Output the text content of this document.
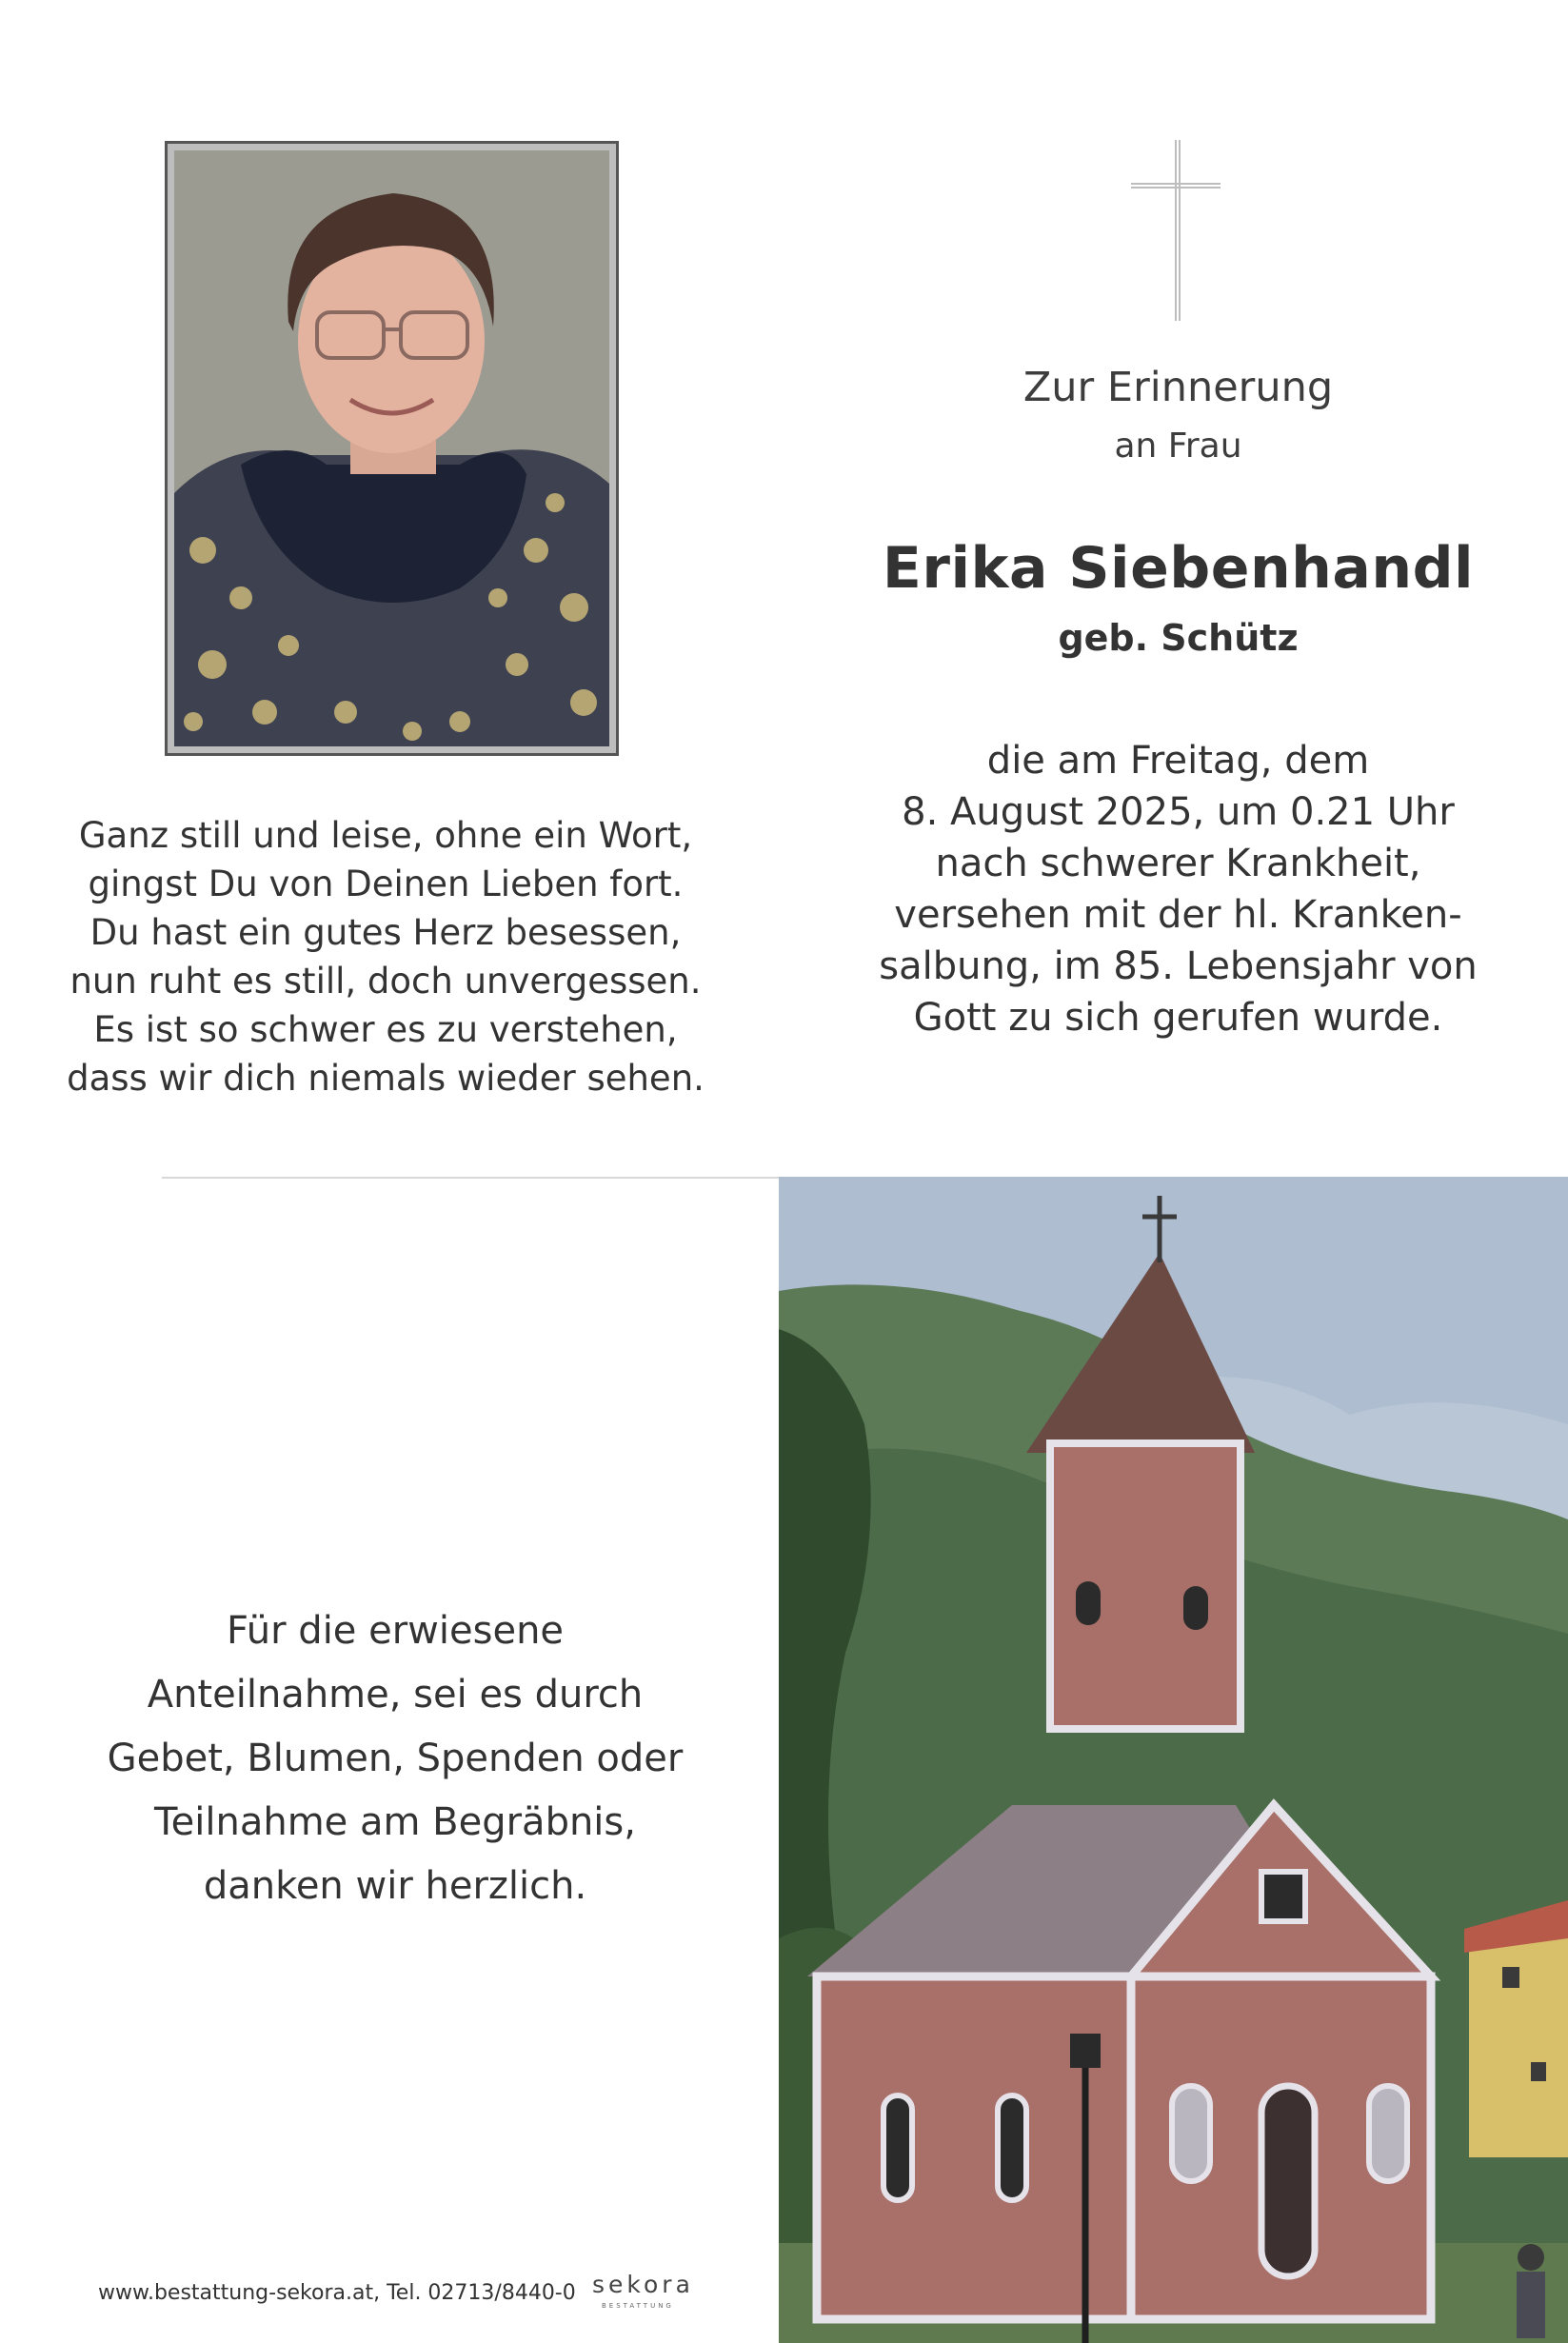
Zur Erinnerung
an Frau
Erika Siebenhandl
geb. Schütz
die am Freitag, dem
8. August 2025, um 0.21 Uhr
nach schwerer Krankheit,
versehen mit der hl. Kranken-
salbung, im 85. Lebensjahr von
Gott zu sich gerufen wurde.
Ganz still und leise, ohne ein Wort,
gingst Du von Deinen Lieben fort.
Du hast ein gutes Herz besessen,
nun ruht es still, doch unvergessen.
Es ist so schwer es zu verstehen,
dass wir dich niemals wieder sehen.
Für die erwiesene
Anteilnahme, sei es durch
Gebet, Blumen, Spenden oder
Teilnahme am Begräbnis,
danken wir herzlich.
www.bestattung-sekora.at, Tel. 02713/8440-0 sekora
BESTATTUNG
